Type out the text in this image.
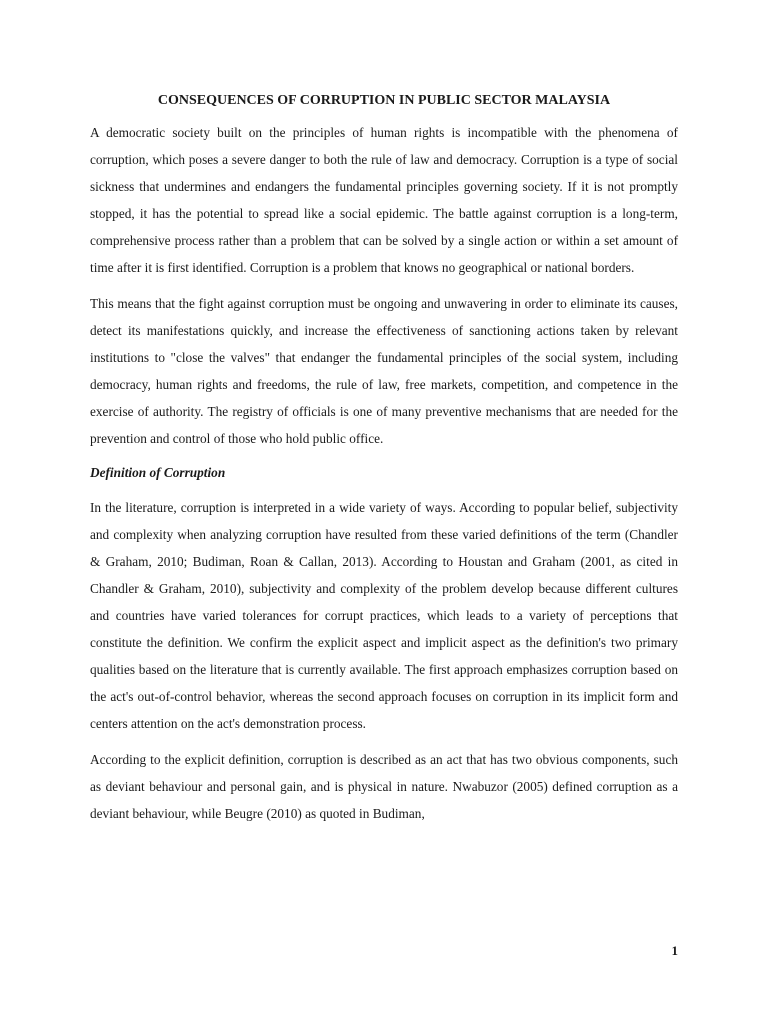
CONSEQUENCES OF CORRUPTION IN PUBLIC SECTOR MALAYSIA

A democratic society built on the principles of human rights is incompatible with the phenomena of corruption, which poses a severe danger to both the rule of law and democracy. Corruption is a type of social sickness that undermines and endangers the fundamental principles governing society. If it is not promptly stopped, it has the potential to spread like a social epidemic. The battle against corruption is a long-term, comprehensive process rather than a problem that can be solved by a single action or within a set amount of time after it is first identified. Corruption is a problem that knows no geographical or national borders.

This means that the fight against corruption must be ongoing and unwavering in order to eliminate its causes, detect its manifestations quickly, and increase the effectiveness of sanctioning actions taken by relevant institutions to "close the valves" that endanger the fundamental principles of the social system, including democracy, human rights and freedoms, the rule of law, free markets, competition, and competence in the exercise of authority. The registry of officials is one of many preventive mechanisms that are needed for the prevention and control of those who hold public office.

Definition of Corruption

In the literature, corruption is interpreted in a wide variety of ways. According to popular belief, subjectivity and complexity when analyzing corruption have resulted from these varied definitions of the term (Chandler & Graham, 2010; Budiman, Roan & Callan, 2013). According to Houstan and Graham (2001, as cited in Chandler & Graham, 2010), subjectivity and complexity of the problem develop because different cultures and countries have varied tolerances for corrupt practices, which leads to a variety of perceptions that constitute the definition. We confirm the explicit aspect and implicit aspect as the definition's two primary qualities based on the literature that is currently available. The first approach emphasizes corruption based on the act's out-of-control behavior, whereas the second approach focuses on corruption in its implicit form and centers attention on the act's demonstration process.

According to the explicit definition, corruption is described as an act that has two obvious components, such as deviant behaviour and personal gain, and is physical in nature. Nwabuzor (2005) defined corruption as a deviant behaviour, while Beugre (2010) as quoted in Budiman,

1
